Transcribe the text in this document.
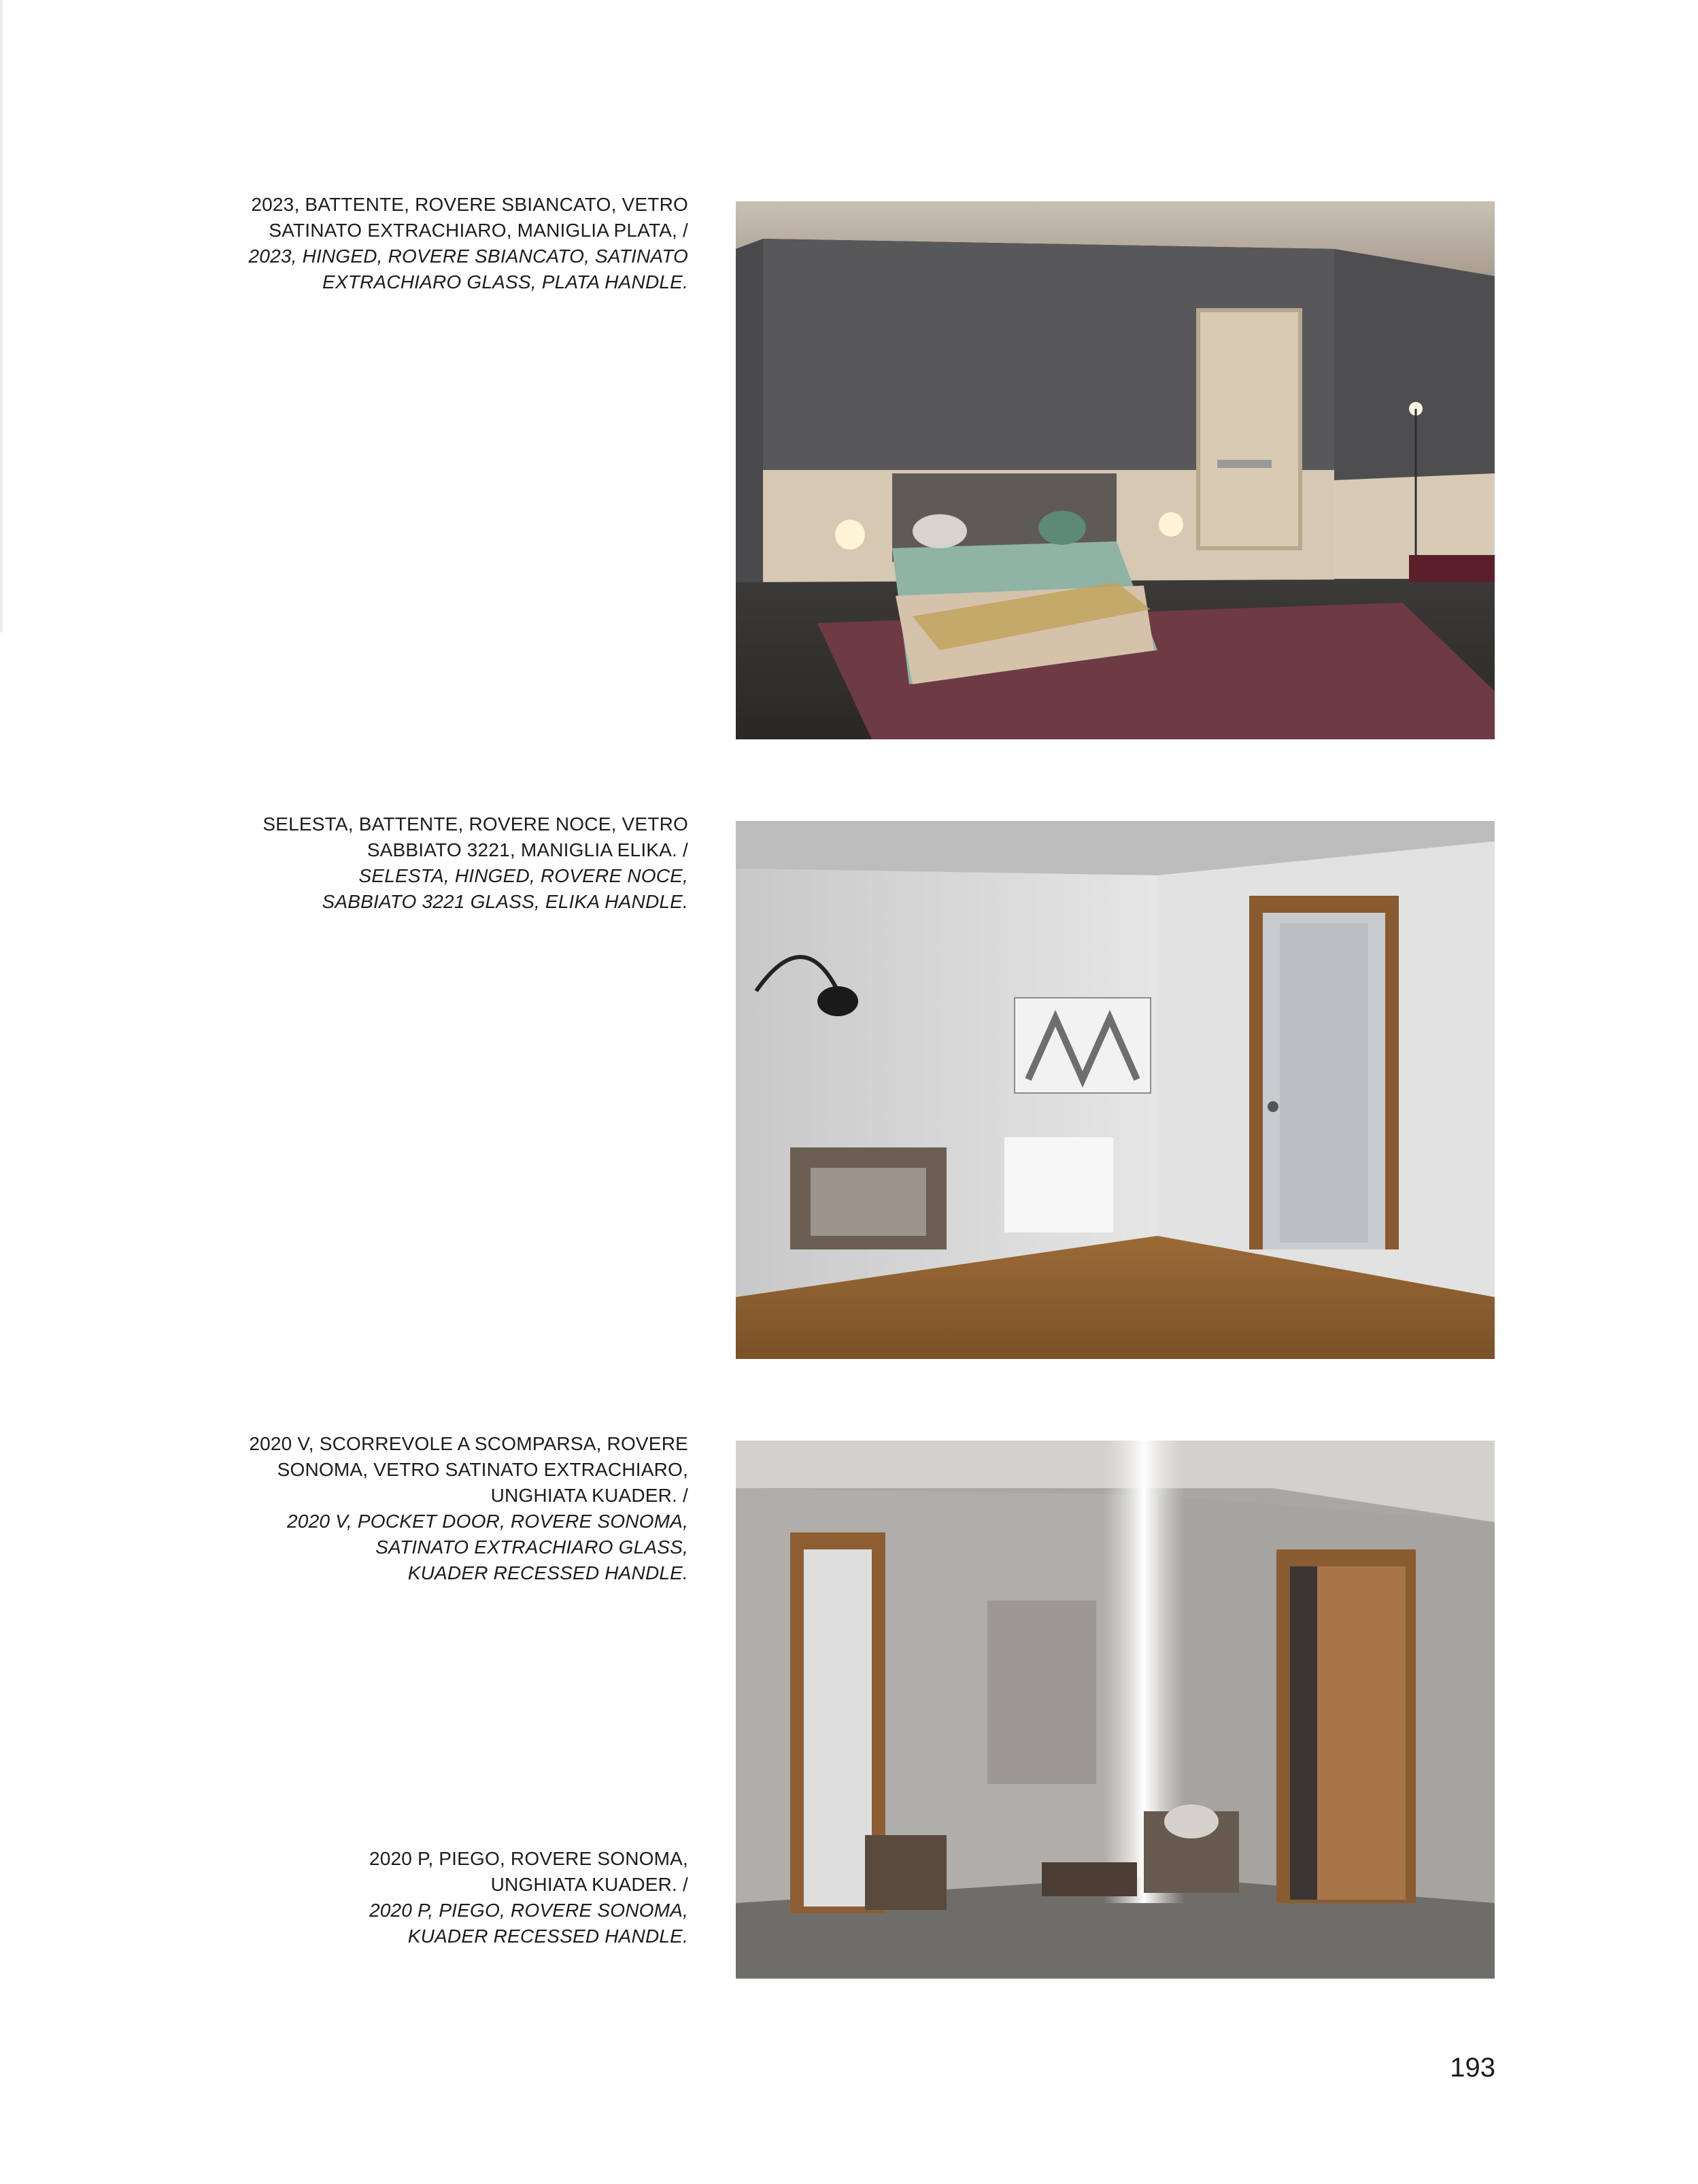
2023, BATTENTE, ROVERE SBIANCATO, VETRO
SATINATO EXTRACHIARO, MANIGLIA PLATA, /
2023, HINGED, ROVERE SBIANCATO, SATINATO
EXTRACHIARO GLASS, PLATA HANDLE.
SELESTA, BATTENTE, ROVERE NOCE, VETRO
SABBIATO 3221, MANIGLIA ELIKA. /
SELESTA, HINGED, ROVERE NOCE,
SABBIATO 3221 GLASS, ELIKA HANDLE.
2020 V, SCORREVOLE A SCOMPARSA, ROVERE
SONOMA, VETRO SATINATO EXTRACHIARO,
UNGHIATA KUADER. /
2020 V, POCKET DOOR, ROVERE SONOMA,
SATINATO EXTRACHIARO GLASS,
KUADER RECESSED HANDLE.
2020 P, PIEGO, ROVERE SONOMA,
UNGHIATA KUADER. /
2020 P, PIEGO, ROVERE SONOMA,
KUADER RECESSED HANDLE.
193
